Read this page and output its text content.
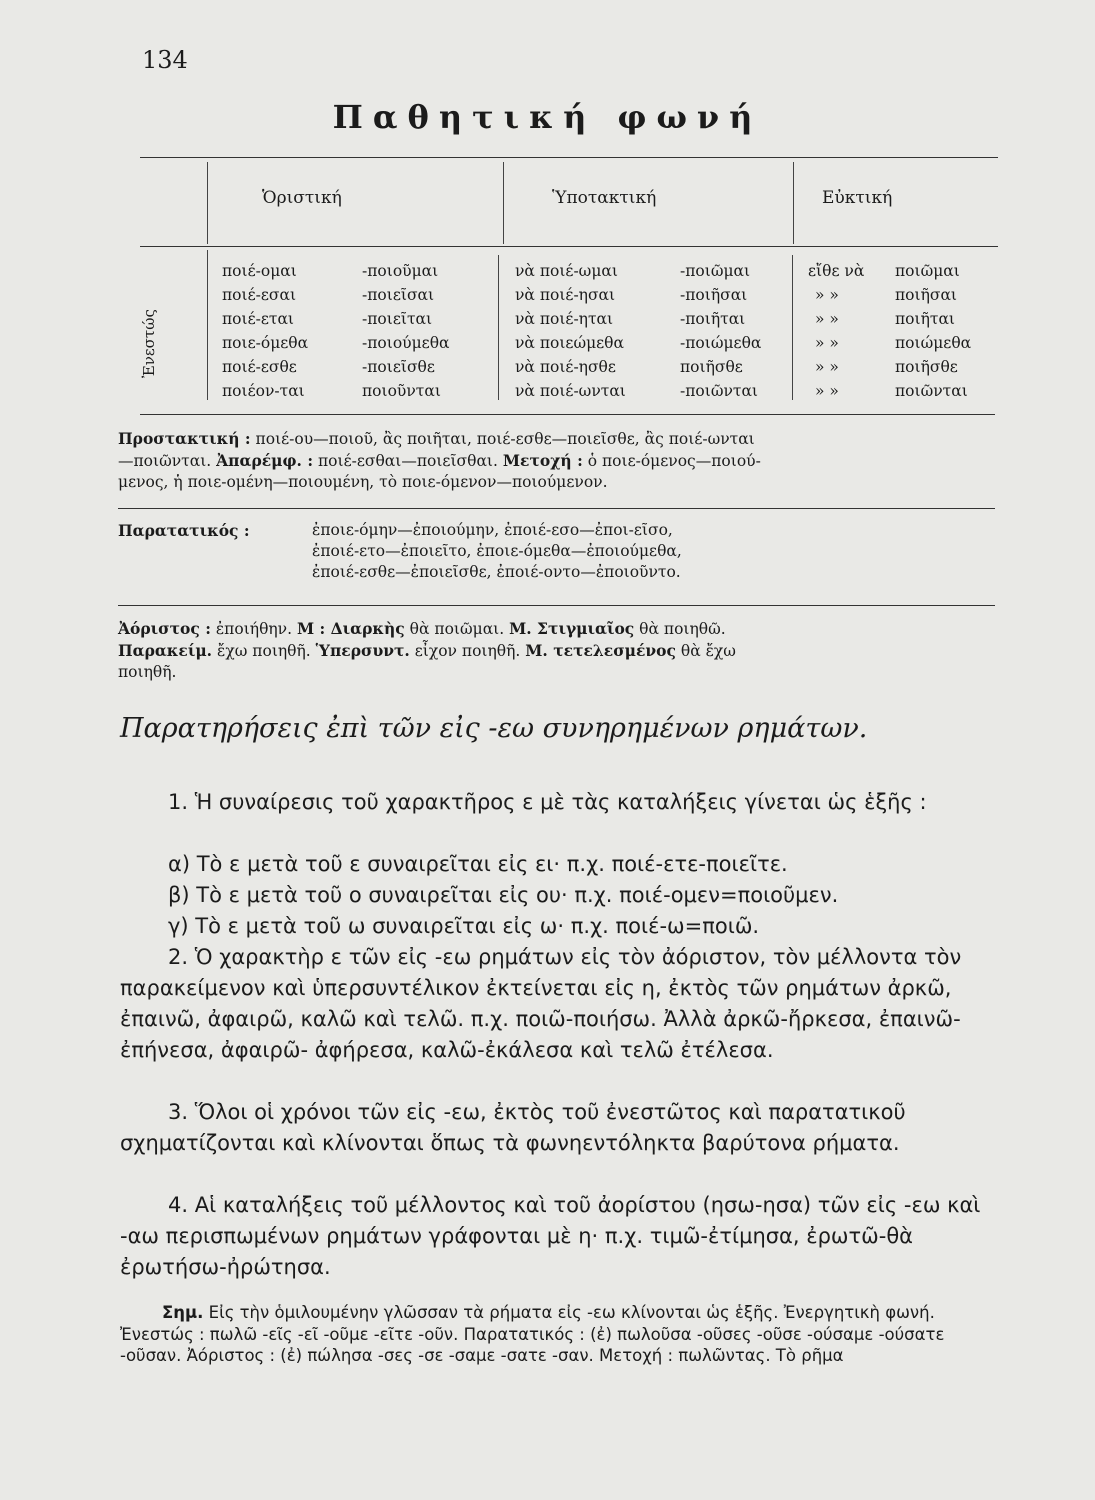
134
Παθητική φωνή
Ὁριστική	Ὑποτακτική	Εὐκτική
Ἐνεστώς
ποιέ-ομαι	-ποιοῦμαι	νὰ ποιέ-ωμαι	-ποιῶμαι	εἴθε νὰ ποιῶμαι
ποιέ-εσαι	-ποιεῖσαι	νὰ ποιέ-ησαι	-ποιῆσαι	» »	ποιῆσαι
ποιέ-εται	-ποιεῖται	νὰ ποιέ-ηται	-ποιῆται	» »	ποιῆται
ποιε-όμεθα	-ποιούμεθα	νὰ ποιεώμεθα	-ποιώμεθα	» »	ποιώμεθα
ποιέ-εσθε	-ποιεῖσθε	νὰ ποιέ-ησθε	ποιῆσθε	» »	ποιῆσθε
ποιέον-ται	ποιοῦνται	νὰ ποιέ-ωνται	-ποιῶνται	» »	ποιῶνται
Προστακτική : ποιέ-ου—ποιοῦ, ἂς ποιῆται, ποιέ-εσθε—ποιεῖσθε, ἂς ποιέ-ωνται
—ποιῶνται. Ἀπαρέμφ. : ποιέ-εσθαι—ποιεῖσθαι. Μετοχή : ὁ ποιε-όμενος—ποιού-
μενος, ἡ ποιε-ομένη—ποιουμένη, τὸ ποιε-όμενον—ποιούμενον.
Παρατατικός :	ἐποιε-όμην—ἐποιούμην, ἐποιέ-εσο—ἐποι-εῖσο,
ἐποιέ-ετο—ἐποιεῖτο, ἐποιε-όμεθα—ἐποιούμεθα,
ἐποιέ-εσθε—ἐποιεῖσθε, ἐποιέ-οντο—ἐποιοῦντο.
Ἀόριστος : ἐποιήθην. Μ : Διαρκὴς θὰ ποιῶμαι. Μ. Στιγμιαῖος θὰ ποιηθῶ.
Παρακείμ. ἔχω ποιηθῆ. Ὑπερσυντ. εἶχον ποιηθῆ. Μ. τετελεσμένος θὰ ἔχω
ποιηθῆ.
Παρατηρήσεις ἐπὶ τῶν εἰς -εω συνηρημένων ρημάτων.
1. Ἡ συναίρεσις τοῦ χαρακτῆρος ε μὲ τὰς καταλήξεις γίνεται ὡς ἑξῆς :
α) Τὸ ε μετὰ τοῦ ε συναιρεῖται εἰς ει· π.χ. ποιέ-ετε-ποιεῖτε.
β) Τὸ ε μετὰ τοῦ ο συναιρεῖται εἰς ου· π.χ. ποιέ-ομεν=ποιοῦμεν.
γ) Τὸ ε μετὰ τοῦ ω συναιρεῖται εἰς ω· π.χ. ποιέ-ω=ποιῶ.
2. Ὁ χαρακτὴρ ε τῶν εἰς -εω ρημάτων εἰς τὸν ἀόριστον, τὸν μέλλοντα τὸν παρακείμενον καὶ ὑπερσυντέλικον ἐκτείνεται εἰς η, ἐκτὸς τῶν ρημάτων ἀρκῶ, ἐπαινῶ, ἀφαιρῶ, καλῶ καὶ τελῶ. π.χ. ποιῶ-ποιήσω. Ἀλλὰ ἀρκῶ-ἤρκεσα, ἐπαινῶ-ἐπήνεσα, ἀφαιρῶ- ἀφήρεσα, καλῶ-ἐκάλεσα καὶ τελῶ ἐτέλεσα.
3. Ὅλοι οἱ χρόνοι τῶν εἰς -εω, ἐκτὸς τοῦ ἐνεστῶτος καὶ παρατατικοῦ σχηματίζονται καὶ κλίνονται ὅπως τὰ φωνηεντόληκτα βαρύτονα ρήματα.
4. Αἱ καταλήξεις τοῦ μέλλοντος καὶ τοῦ ἀορίστου (ησω-ησα) τῶν εἰς -εω καὶ -αω περισπωμένων ρημάτων γράφονται μὲ η· π.χ. τιμῶ-ἐτίμησα, ἐρωτῶ-θὰ ἐρωτήσω-ἠρώτησα.
Σημ. Εἰς τὴν ὁμιλουμένην γλῶσσαν τὰ ρήματα εἰς -εω κλίνονται ὡς ἑξῆς. Ἐνεργητικὴ φωνή. Ἐνεστώς : πωλῶ -εῖς -εῖ -οῦμε -εῖτε -οῦν. Παρατατικός : (ἐ) πωλοῦσα -οῦσες -οῦσε -ούσαμε -ούσατε -οῦσαν. Ἀόριστος : (ἐ) πώλησα -σες -σε -σαμε -σατε -σαν. Μετοχή : πωλῶντας. Τὸ ρῆμα
